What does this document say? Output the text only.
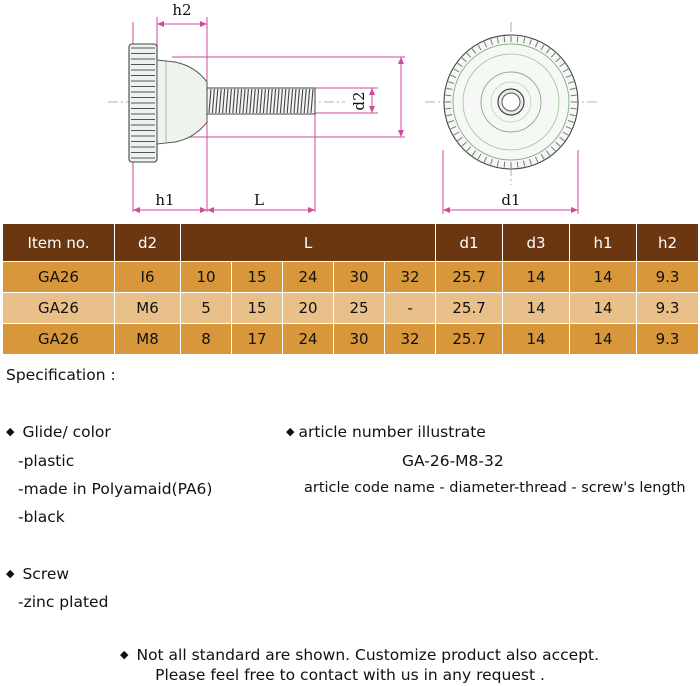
h2
h1	L
d2
d1
Item no.	d2	L					d1	d3	h1	h2
GA26	I6	10	15	24	30	32	25.7	14	14	9.3
GA26	M6	5	15	20	25	-	25.7	14	14	9.3
GA26	M8	8	17	24	30	32	25.7	14	14	9.3
Specification :
◆ Glide/ color
-plastic
-made in Polyamaid(PA6)
-black
◆ article number illustrate
GA-26-M8-32
article code name - diameter-thread - screw's length
◆ Screw
-zinc plated
◆ Not all standard are shown. Customize product also accept.
Please feel free to contact with us in any request .
